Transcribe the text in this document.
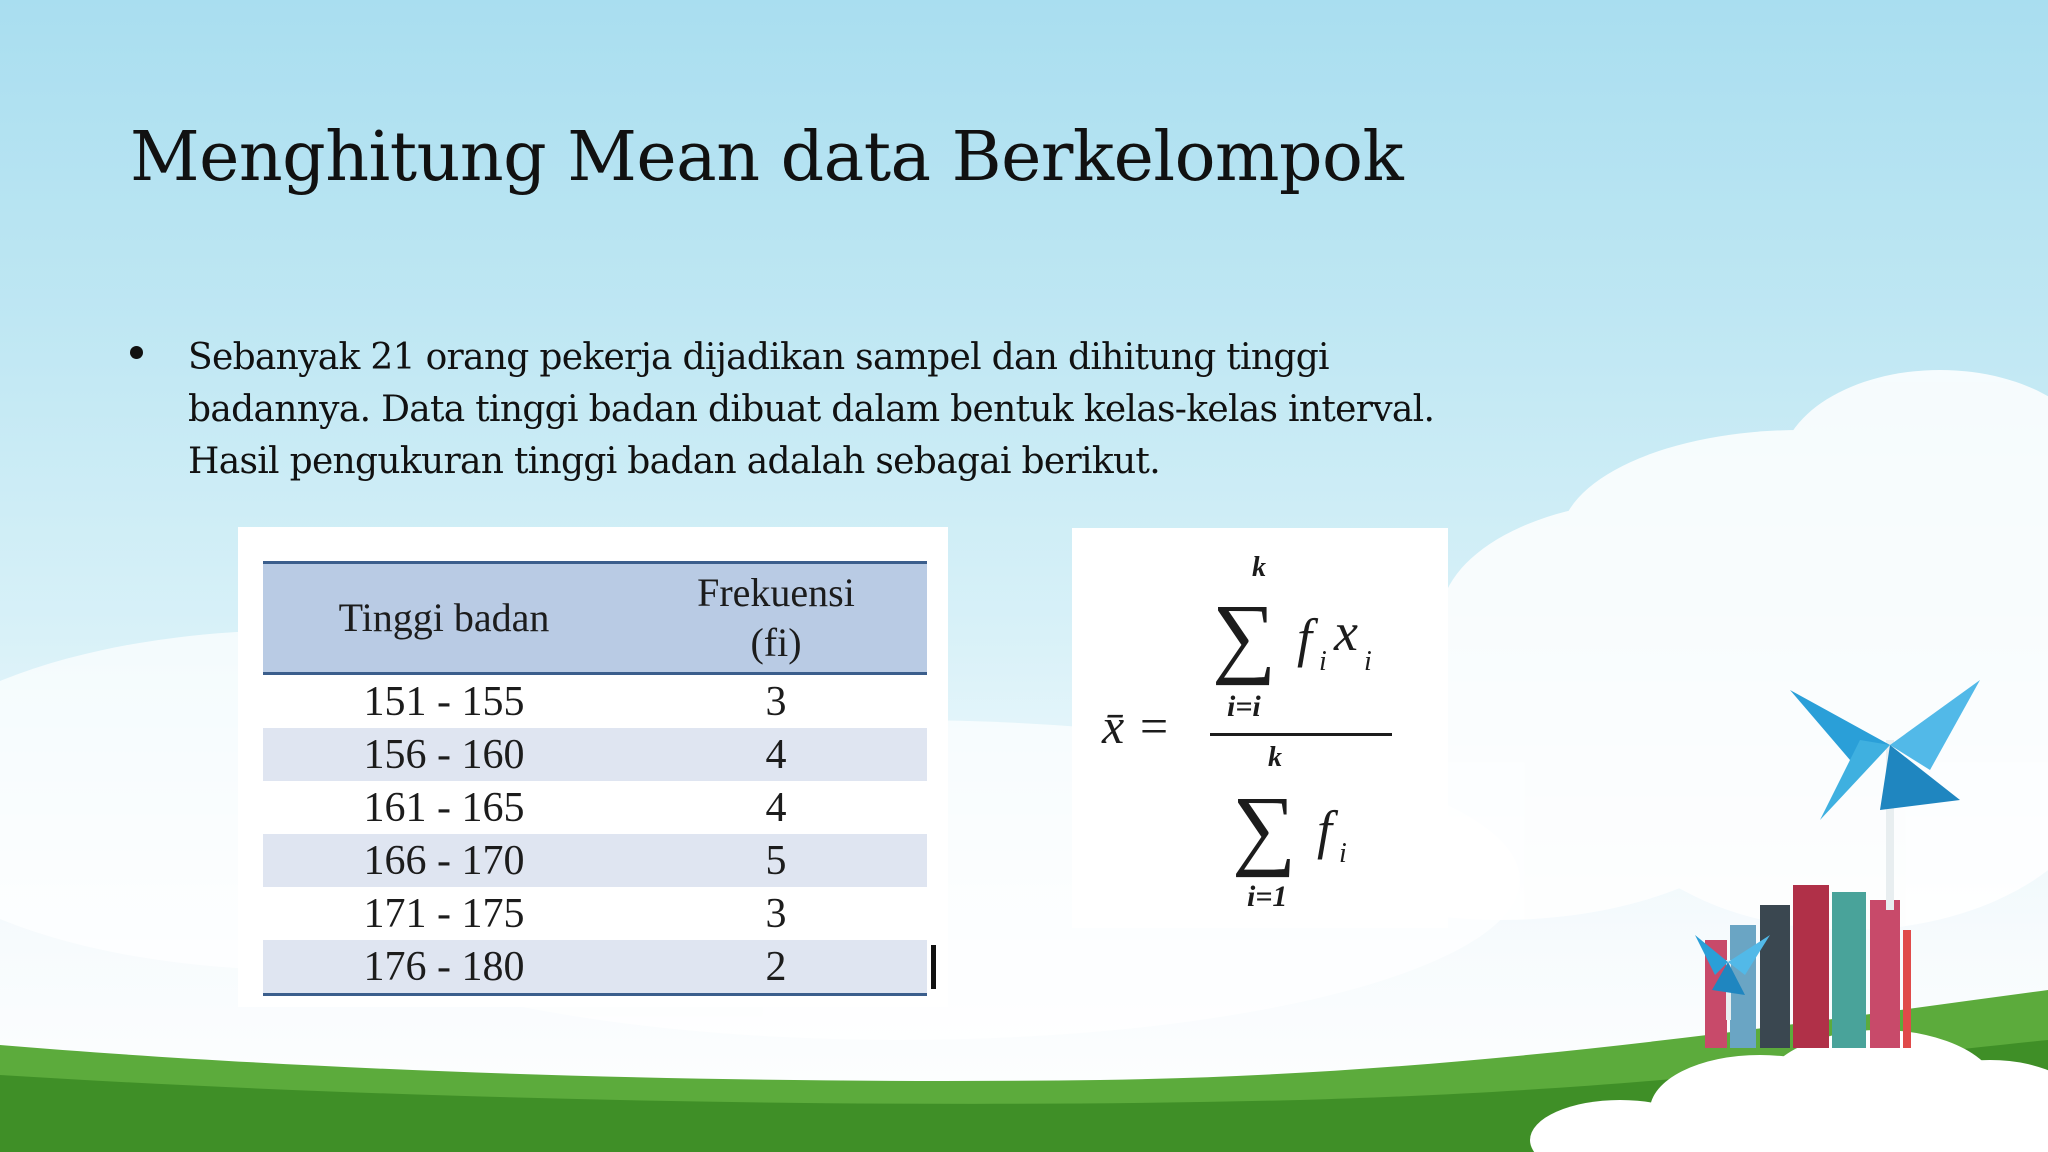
Menghitung Mean data Berkelompok
Sebanyak 21 orang pekerja dijadikan sampel dan dihitung tinggi badannya. Data tinggi badan dibuat dalam bentuk kelas-kelas interval. Hasil pengukuran tinggi badan adalah sebagai berikut.
Tinggi badan	Frekuensi (fi)
151 - 155	3
156 - 160	4
161 - 165	4
166 - 170	5
171 - 175	3
176 - 180	2
x̄ =
k
∑ f i x i
i=i
k
∑ f i
i=1
